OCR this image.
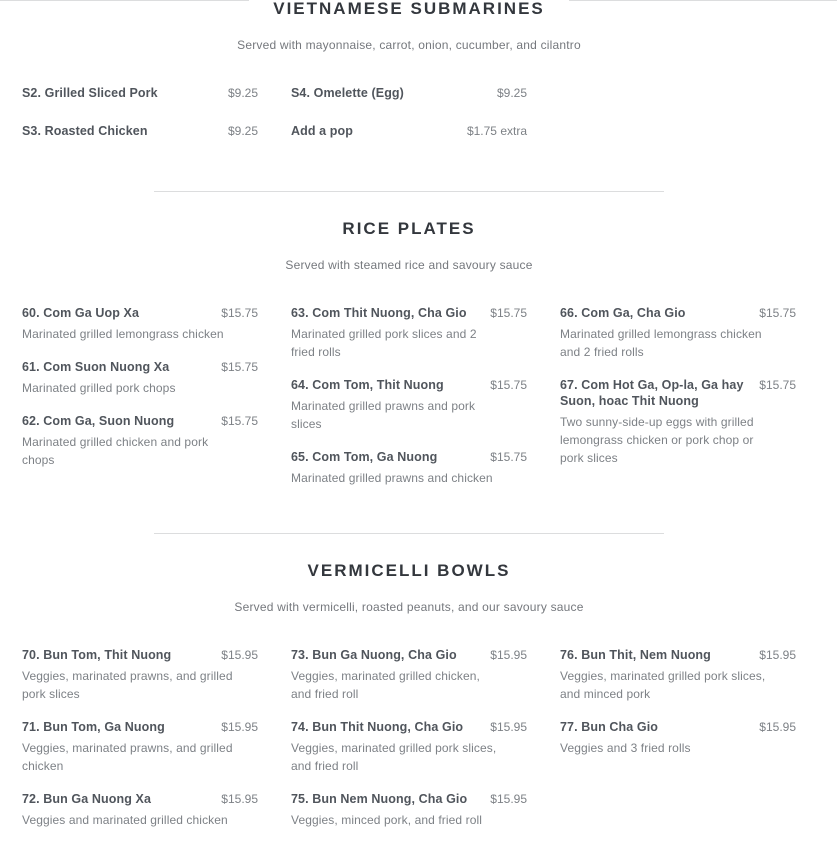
VIETNAMESE SUBMARINES

Served with mayonnaise, carrot, onion, cucumber, and cilantro

S2. Grilled Sliced Pork	$9.25
S3. Roasted Chicken	$9.25
S4. Omelette (Egg)	$9.25
Add a pop	$1.75 extra
RICE PLATES

Served with steamed rice and savoury sauce

60. Com Ga Uop Xa	$15.75

Marinated grilled lemongrass chicken

61. Com Suon Nuong Xa	$15.75

Marinated grilled pork chops

62. Com Ga, Suon Nuong	$15.75

Marinated grilled chicken and pork chops

63. Com Thit Nuong, Cha Gio	$15.75

Marinated grilled pork slices and 2 fried rolls

64. Com Tom, Thit Nuong	$15.75

Marinated grilled prawns and pork slices

65. Com Tom, Ga Nuong	$15.75

Marinated grilled prawns and chicken

66. Com Ga, Cha Gio	$15.75

Marinated grilled lemongrass chicken and 2 fried rolls

67. Com Hot Ga, Op-la, Ga hay Suon, hoac Thit Nuong
$15.75

Two sunny-side-up eggs with grilled lemongrass chicken or pork chop or pork slices

VERMICELLI BOWLS

Served with vermicelli, roasted peanuts, and our savoury sauce

70. Bun Tom, Thit Nuong	$15.95

Veggies, marinated prawns, and grilled pork slices

71. Bun Tom, Ga Nuong	$15.95

Veggies, marinated prawns, and grilled chicken

72. Bun Ga Nuong Xa	$15.95

Veggies and marinated grilled chicken

73. Bun Ga Nuong, Cha Gio	$15.95

Veggies, marinated grilled chicken, and fried roll

74. Bun Thit Nuong, Cha Gio	$15.95

Veggies, marinated grilled pork slices, and fried roll

75. Bun Nem Nuong, Cha Gio	$15.95

Veggies, minced pork, and fried roll

76. Bun Thit, Nem Nuong	$15.95

Veggies, marinated grilled pork slices, and minced pork

77. Bun Cha Gio	$15.95

Veggies and 3 fried rolls
